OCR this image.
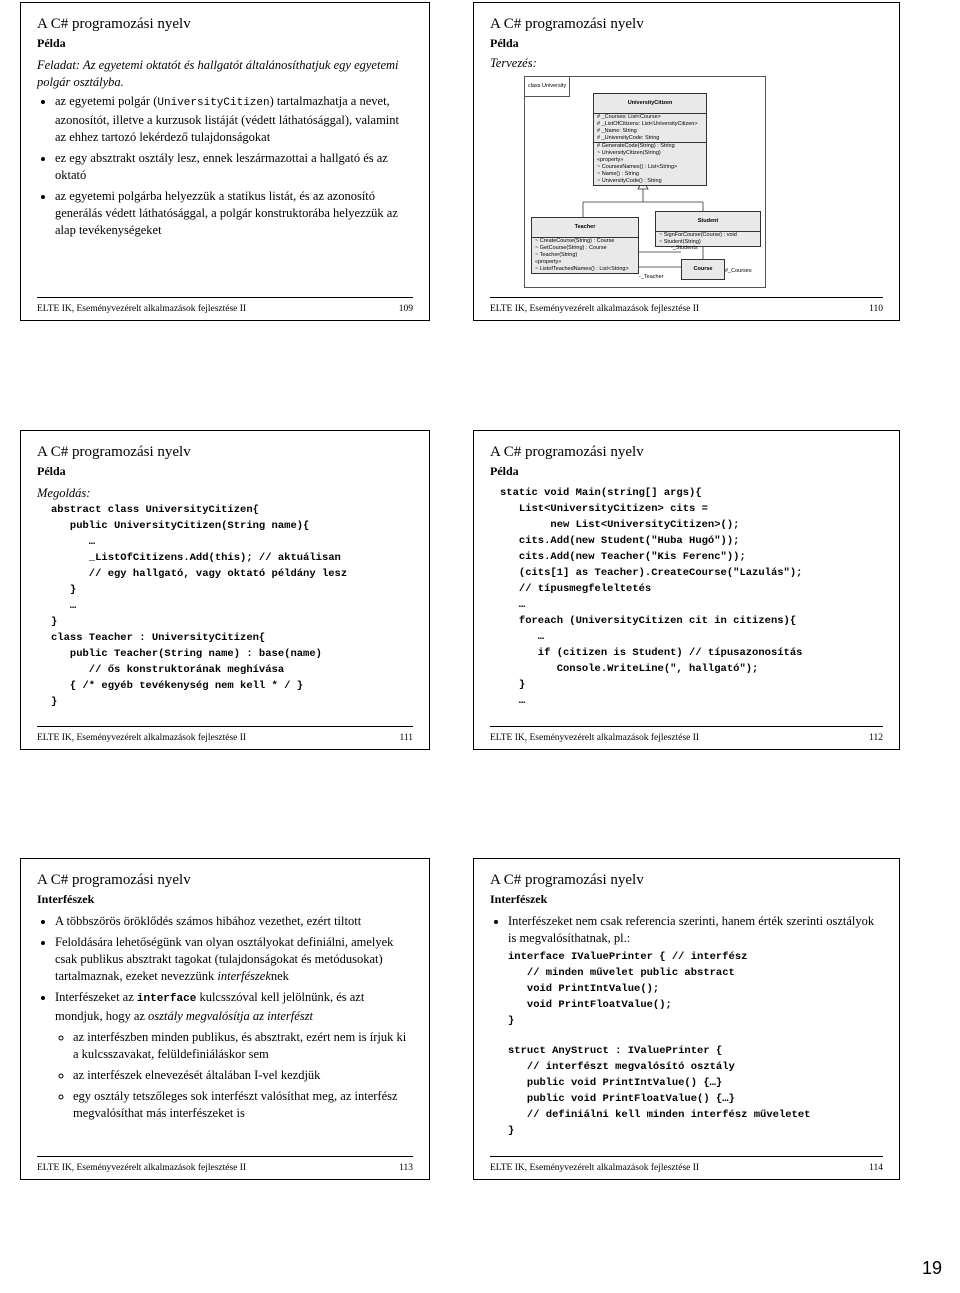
A C# programozási nyelv
Példa
Feladat: Az egyetemi oktatót és hallgatót általánosíthatjuk egy egyetemi polgár osztályba.
• az egyetemi polgár (UniversityCitizen) tartalmazhatja a nevet, azonosítót, illetve a kurzusok listáját (védett láthatósággal), valamint az ehhez tartozó lekérdező tulajdonságokat
• ez egy absztrakt osztály lesz, ennek leszármazottai a hallgató és az oktató
• az egyetemi polgárba helyezzük a statikus listát, és az azonosító generálás védett láthatósággal, a polgár konstruktorába helyezzük az alap tevékenységeket
ELTE IK, Eseményvezérelt alkalmazások fejlesztése II	109
A C# programozási nyelv
Példa
Tervezés:
class University
UniversityCitizen
# _Courses: List<Course>
# _ListOfCitizens: List<UniversityCitizen>
# _Name: String
# _UniversityCode: String
# GenerateCode(String) : String
~ UniversityCitizen(String)
«property»
~ CoursesNames() : List<String>
~ Name() : String
~ UniversityCode() : String
Teacher
~ CreateCourse(String) : Course
~ GetCourse(String) : Course
~ Teacher(String)
«property»
~ ListofTeachedNames() : List<String>
Student
~ SignForCourse(Course) : void
~ Student(String)
Course
-_Students
-_Teacher
#_Courses
ELTE IK, Eseményvezérelt alkalmazások fejlesztése II	110
A C# programozási nyelv
Példa
Megoldás:
abstract class UniversityCitizen{
public UniversityCitizen(String name){
…
_ListOfCitizens.Add(this); // aktuálisan
// egy hallgató, vagy oktató példány lesz
}
…
}
class Teacher : UniversityCitizen{
public Teacher(String name) : base(name)
// ős konstruktorának meghívása
{ /* egyéb tevékenység nem kell * / }
}
ELTE IK, Eseményvezérelt alkalmazások fejlesztése II	111
A C# programozási nyelv
Példa
static void Main(string[] args){
List<UniversityCitizen> cits =
new List<UniversityCitizen>();
cits.Add(new Student("Huba Hugó"));
cits.Add(new Teacher("Kis Ferenc"));
(cits[1] as Teacher).CreateCourse("Lazulás");
// típusmegfeleltetés
…
foreach (UniversityCitizen cit in citizens){
…
if (citizen is Student) // típusazonosítás
Console.WriteLine(", hallgató");
}
…
ELTE IK, Eseményvezérelt alkalmazások fejlesztése II	112
A C# programozási nyelv
Interfészek
• A többszörös öröklődés számos hibához vezethet, ezért tiltott
• Feloldására lehetőségünk van olyan osztályokat definiálni, amelyek csak publikus absztrakt tagokat (tulajdonságokat és metódusokat) tartalmaznak, ezeket nevezzünk interfészeknek
• Interfészeket az interface kulcsszóval kell jelölnünk, és azt mondjuk, hogy az osztály megvalósítja az interfészt
◦ az interfészben minden publikus, és absztrakt, ezért nem is írjuk ki a kulcsszavakat, felüldefiniáláskor sem
◦ az interfészek elnevezését általában I-vel kezdjük
◦ egy osztály tetszőleges sok interfészt valósíthat meg, az interfész megvalósíthat más interfészeket is
ELTE IK, Eseményvezérelt alkalmazások fejlesztése II	113
A C# programozási nyelv
Interfészek
• Interfészeket nem csak referencia szerinti, hanem érték szerinti osztályok is megvalósíthatnak, pl.:
interface IValuePrinter { // interfész
// minden művelet public abstract
void PrintIntValue();
void PrintFloatValue();
}
struct AnyStruct : IValuePrinter {
// interfészt megvalósító osztály
public void PrintIntValue() {…}
public void PrintFloatValue() {…}
// definiálni kell minden interfész műveletet
}
ELTE IK, Eseményvezérelt alkalmazások fejlesztése II	114
19
